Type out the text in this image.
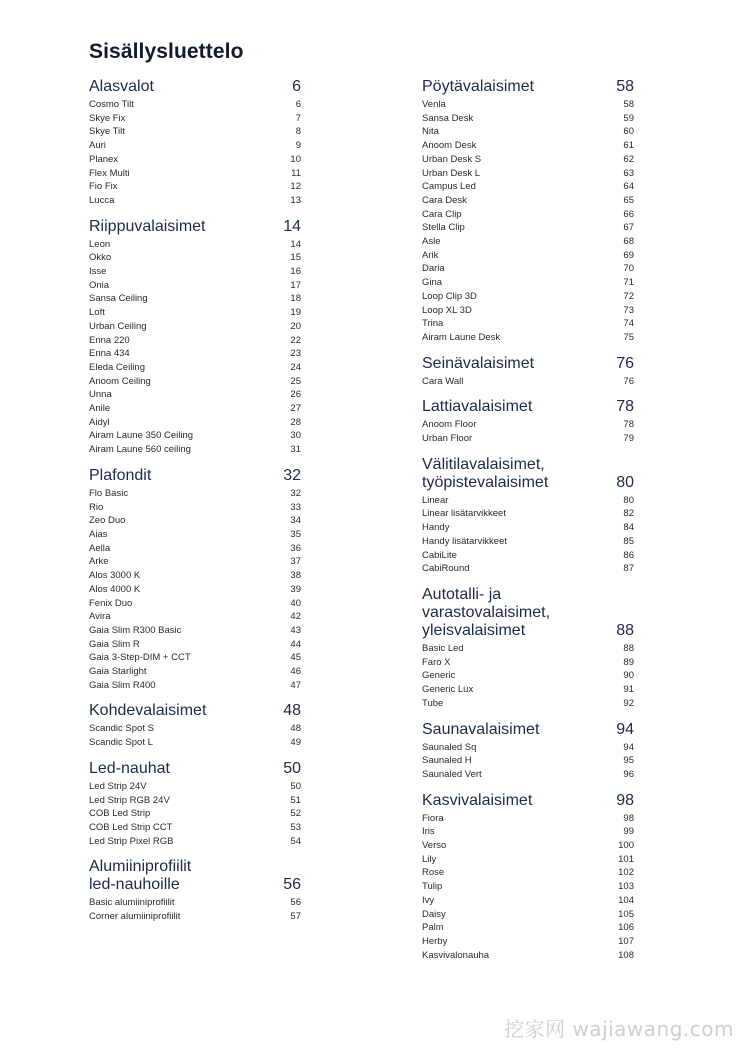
Sisällysluettelo
Alasvalot	6
Cosmo Tilt	6
Skye Fix	7
Skye Tilt	8
Auri	9
Planex	10
Flex Multi	11
Fio Fix	12
Lucca	13
Riippuvalaisimet	14
Leon	14
Okko	15
Isse	16
Onia	17
Sansa Ceiling	18
Loft	19
Urban Ceiling	20
Enna 220	22
Enna 434	23
Eleda Ceiling	24
Anoom Ceiling	25
Unna	26
Anile	27
Aidyl	28
Airam Laune 350 Ceiling	30
Airam Laune 560 ceiling	31
Plafondit	32
Flo Basic	32
Rio	33
Zeo Duo	34
Aias	35
Aella	36
Arke	37
Alos 3000 K	38
Alos 4000 K	39
Fenix Duo	40
Avira	42
Gaia Slim R300 Basic	43
Gaia Slim R	44
Gaia 3-Step-DIM + CCT	45
Gaia Starlight	46
Gaia Slim R400	47
Kohdevalaisimet	48
Scandic Spot S	48
Scandic Spot L	49
Led-nauhat	50
Led Strip 24V	50
Led Strip RGB 24V	51
COB Led Strip	52
COB Led Strip CCT	53
Led Strip Pixel RGB	54
Alumiiniprofiilit
led-nauhoille	56
Basic alumiiniprofiilit	56
Corner alumiiniprofiilit	57
Pöytävalaisimet	58
Venla	58
Sansa Desk	59
Nita	60
Anoom Desk	61
Urban Desk S	62
Urban Desk L	63
Campus Led	64
Cara Desk	65
Cara Clip	66
Stella Clip	67
Asle	68
Arik	69
Daria	70
Gina	71
Loop Clip 3D	72
Loop XL 3D	73
Trina	74
Airam Laune Desk	75
Seinävalaisimet	76
Cara Wall	76
Lattiavalaisimet	78
Anoom Floor	78
Urban Floor	79
Välitilavalaisimet,
työpistevalaisimet	80
Linear	80
Linear lisätarvikkeet	82
Handy	84
Handy lisätarvikkeet	85
CabiLite	86
CabiRound	87
Autotalli- ja
varastovalaisimet,
yleisvalaisimet	88
Basic Led	88
Faro X	89
Generic	90
Generic Lux	91
Tube	92
Saunavalaisimet	94
Saunaled Sq	94
Saunaled H	95
Saunaled Vert	96
Kasvivalaisimet	98
Fiora	98
Iris	99
Verso	100
Lily	101
Rose	102
Tulip	103
Ivy	104
Daisy	105
Palm	106
Herby	107
Kasvivalonauha	108
挖家网 wajiawang.com
